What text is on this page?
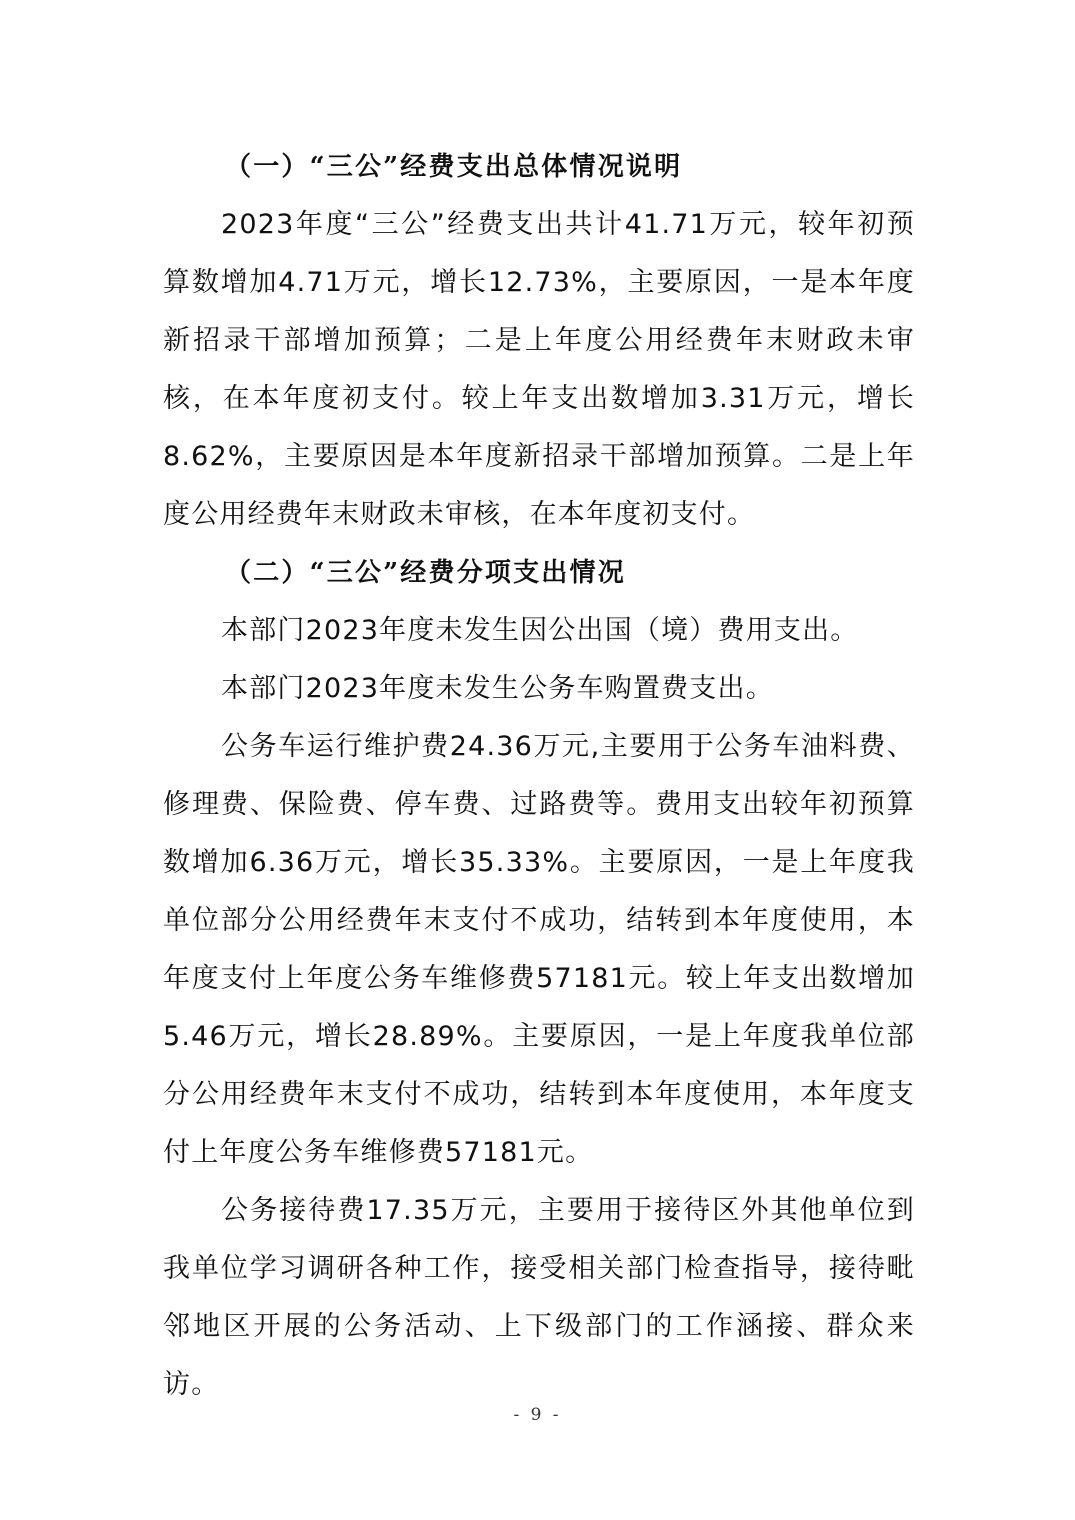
（一）“三公”经费支出总体情况说明

2023年度“三公”经费支出共计41.71万元，较年初预算数增加4.71万元，增长12.73%，主要原因，一是本年度新招录干部增加预算；二是上年度公用经费年末财政未审核，在本年度初支付。较上年支出数增加3.31万元，增长8.62%，主要原因是本年度新招录干部增加预算。二是上年度公用经费年末财政未审核，在本年度初支付。

（二）“三公”经费分项支出情况

本部门2023年度未发生因公出国（境）费用支出。

本部门2023年度未发生公务车购置费支出。

公务车运行维护费24.36万元,主要用于公务车油料费、修理费、保险费、停车费、过路费等。费用支出较年初预算数增加6.36万元，增长35.33%。主要原因，一是上年度我单位部分公用经费年末支付不成功，结转到本年度使用，本年度支付上年度公务车维修费57181元。较上年支出数增加5.46万元，增长28.89%。主要原因，一是上年度我单位部分公用经费年末支付不成功，结转到本年度使用，本年度支付上年度公务车维修费57181元。

公务接待费17.35万元，主要用于接待区外其他单位到我单位学习调研各种工作，接受相关部门检查指导，接待毗邻地区开展的公务活动、上下级部门的工作涵接、群众来访。

- 9 -
